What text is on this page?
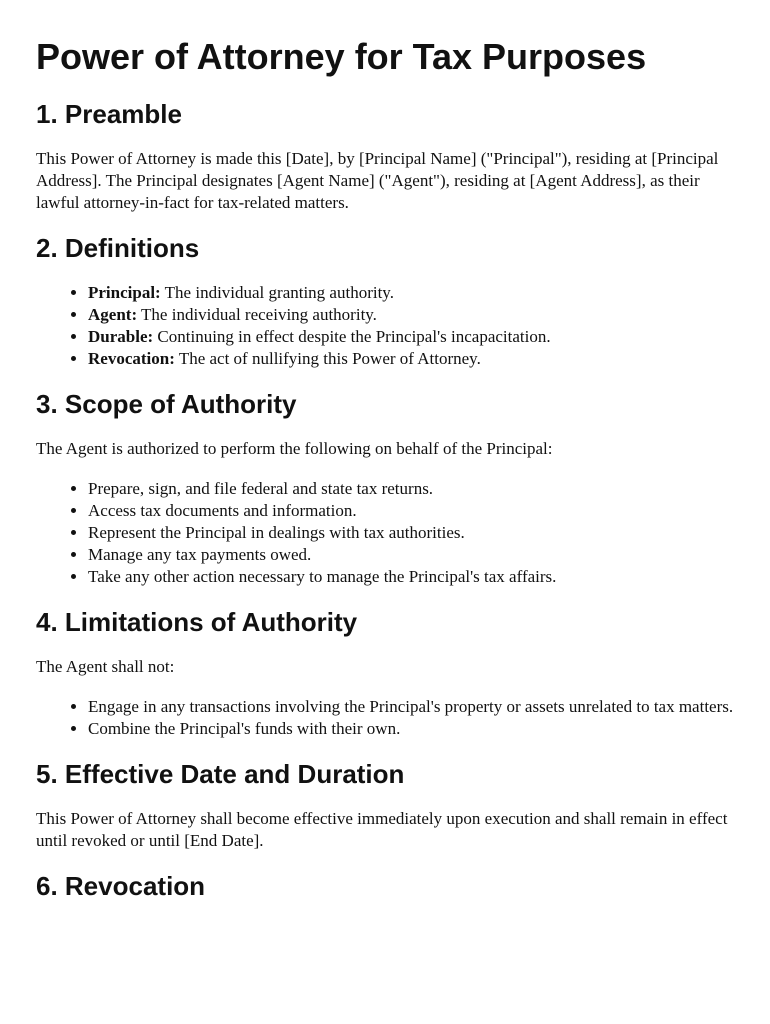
Power of Attorney for Tax Purposes
1. Preamble

This Power of Attorney is made this [Date], by [Principal Name] ("Principal"), residing at [Principal Address]. The Principal designates [Agent Name] ("Agent"), residing at [Agent Address], as their lawful attorney-in-fact for tax-related matters.

2. Definitions
• Principal: The individual granting authority.
• Agent: The individual receiving authority.
• Durable: Continuing in effect despite the Principal's incapacitation.
• Revocation: The act of nullifying this Power of Attorney.
3. Scope of Authority

The Agent is authorized to perform the following on behalf of the Principal:

• Prepare, sign, and file federal and state tax returns.
• Access tax documents and information.
• Represent the Principal in dealings with tax authorities.
• Manage any tax payments owed.
• Take any other action necessary to manage the Principal's tax affairs.
4. Limitations of Authority

The Agent shall not:

• Engage in any transactions involving the Principal's property or assets unrelated to tax matters.
• Combine the Principal's funds with their own.
5. Effective Date and Duration

This Power of Attorney shall become effective immediately upon execution and shall remain in effect until revoked or until [End Date].

6. Revocation
